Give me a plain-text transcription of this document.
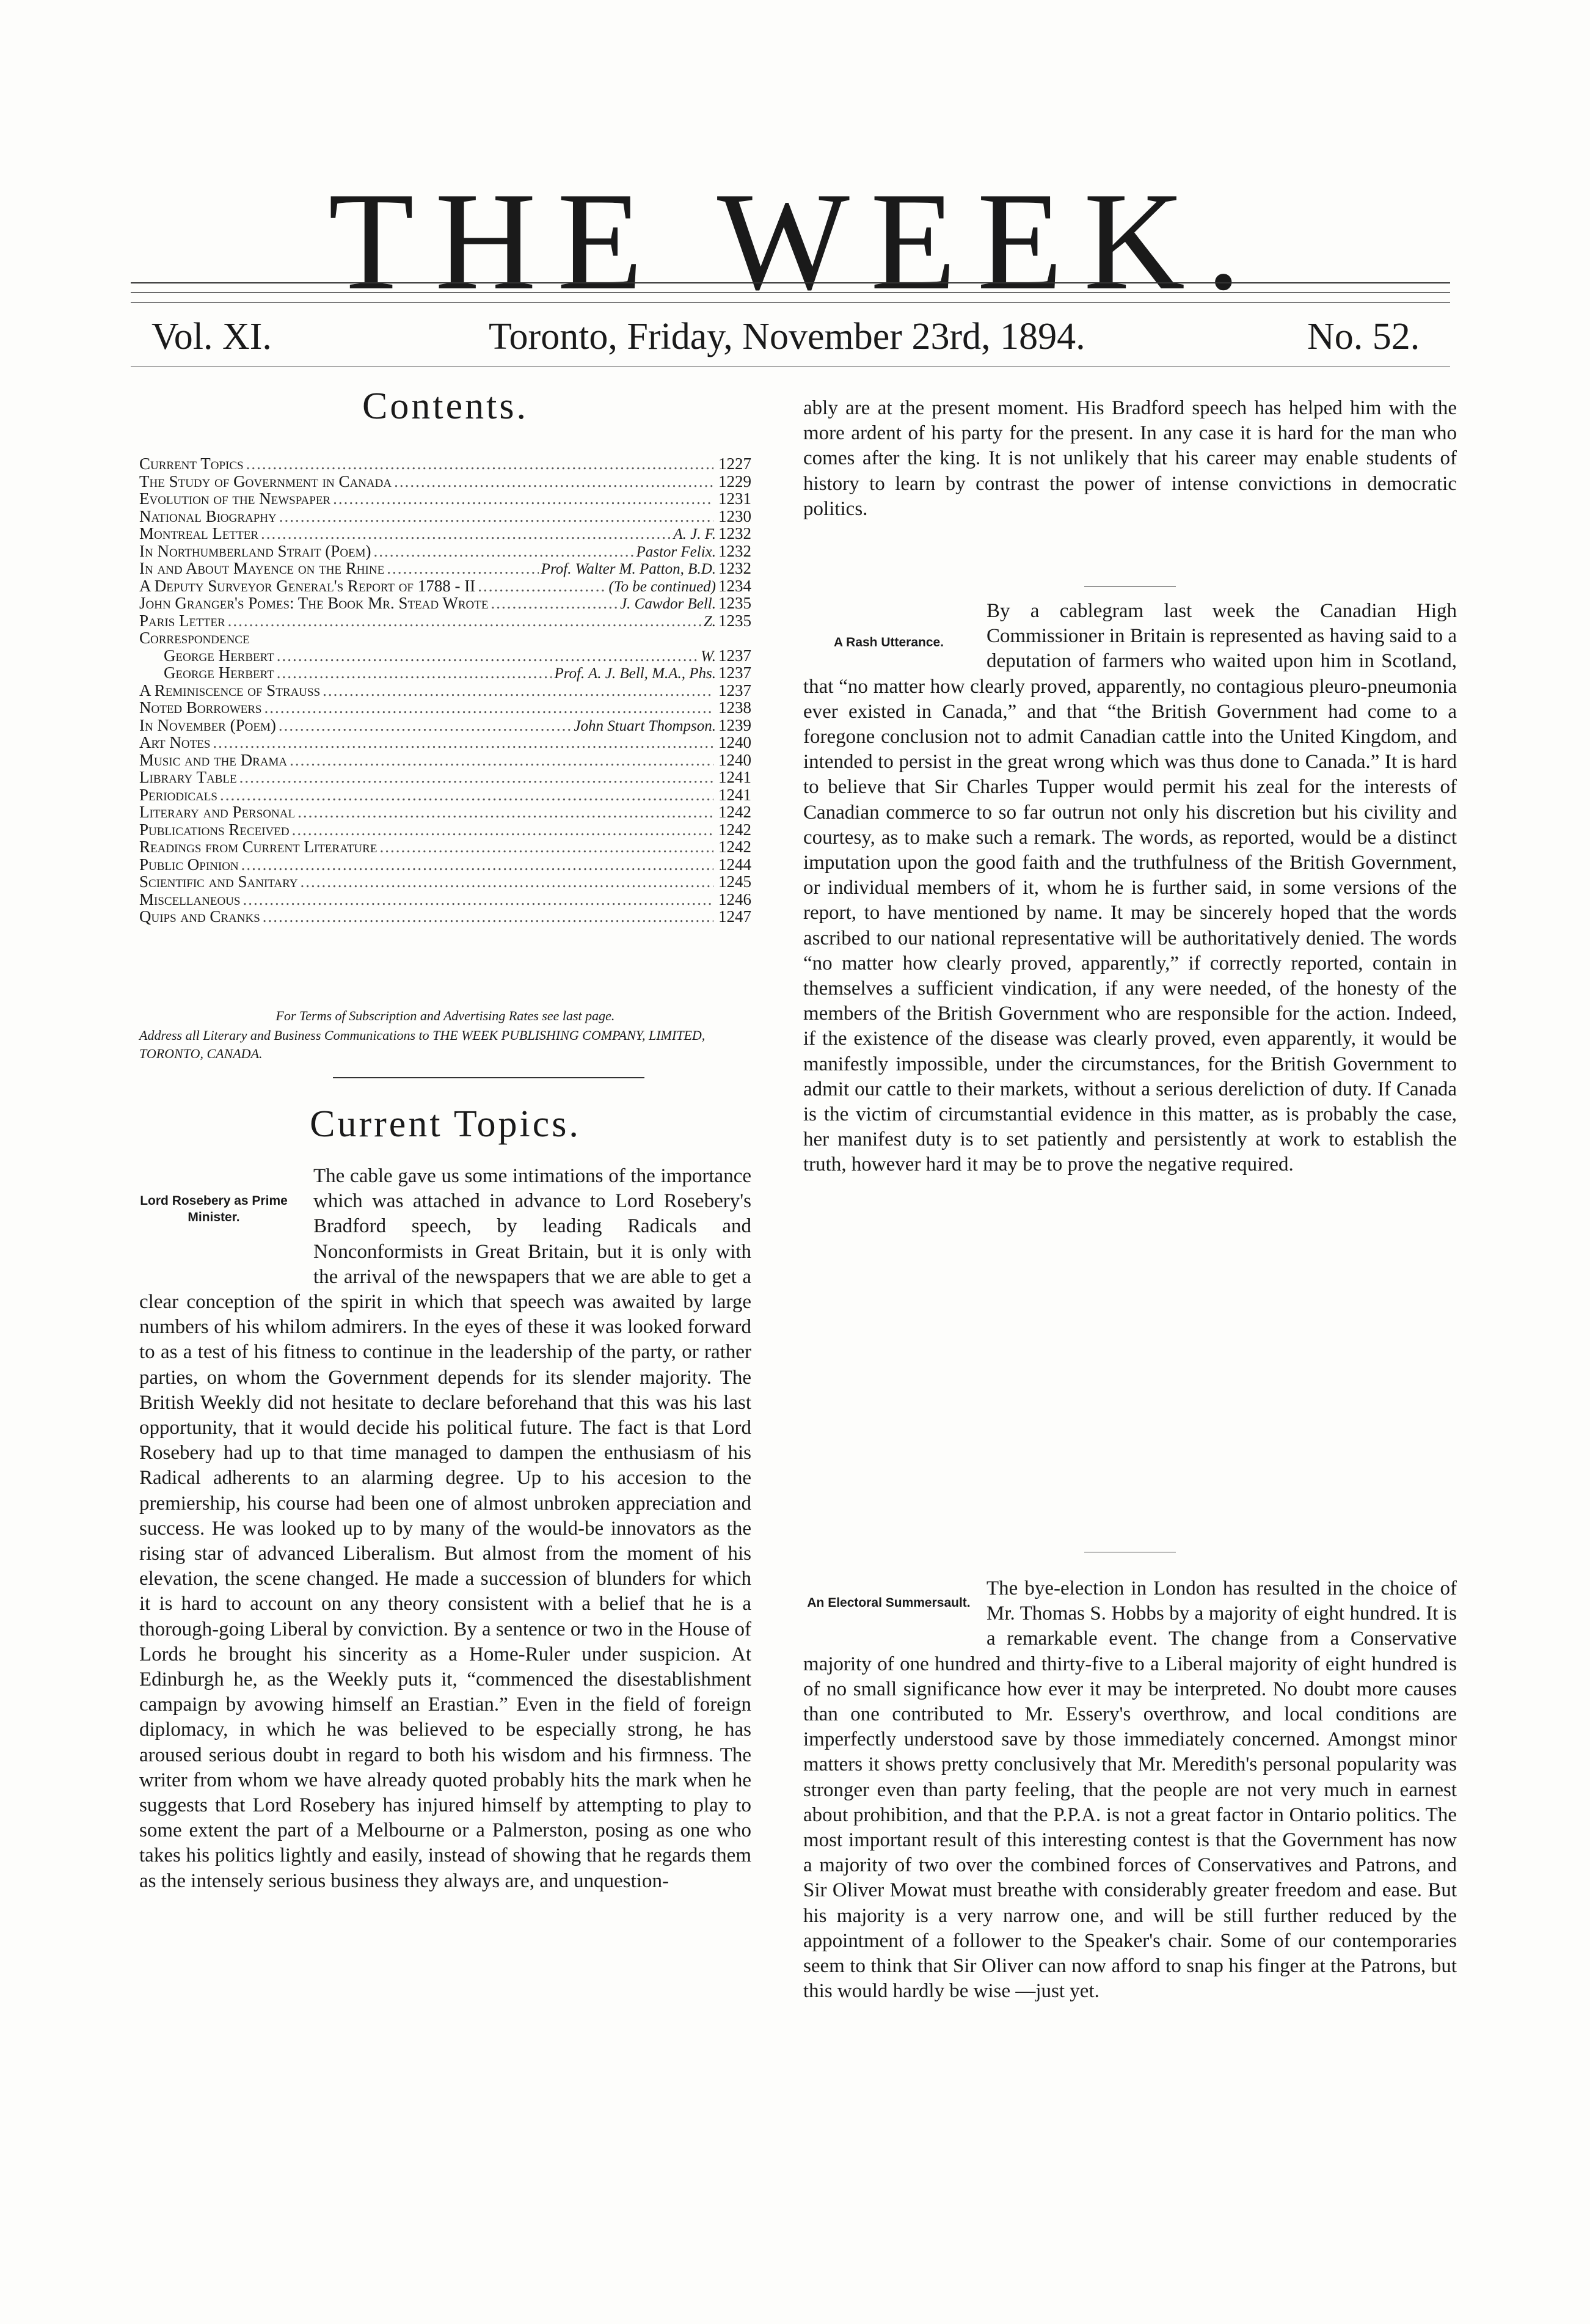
THE WEEK.
Vol. XI.	Toronto, Friday, November 23rd, 1894.	No. 52.
Contents.
Current Topics .....	1227
The Study of Government in Canada .....	1229
Evolution of the Newspaper .....	1231
National Biography .....	1230
Montreal Letter .....	A. J. F. 1232
In Northumberland Strait (Poem) .....	Pastor Felix. 1232
In and About Mayence on the Rhine .....	Prof. Walter M. Patton, B.D. 1232
A Deputy Surveyor General's Report of 1788 - II .....	(To be continued) 1234
John Granger's Pomes: The Book Mr. Stead Wrote .....	J. Cawdor Bell. 1235
Paris Letter .....	Z. 1235
Correspondence
George Herbert .....	W. 1237
George Herbert .....	Prof. A. J. Bell, M.A., Phs. 1237
A Reminiscence of Strauss .....	1237
Noted Borrowers .....	1238
In November (Poem) .....	John Stuart Thompson. 1239
Art Notes .....	1240
Music and the Drama .....	1240
Library Table .....	1241
Periodicals .....	1241
Literary and Personal .....	1242
Publications Received .....	1242
Readings from Current Literature .....	1242
Public Opinion .....	1244
Scientific and Sanitary .....	1245
Miscellaneous .....	1246
Quips and Cranks .....	1247
For Terms of Subscription and Advertising Rates see last page.
Address all Literary and Business Communications to THE WEEK PUBLISHING COMPANY, LIMITED, TORONTO, CANADA.
Current Topics.
Lord Rosebery as Prime Minister.

The cable gave us some intimations of the importance which was attached in advance to Lord Rosebery's Bradford speech, by leading Radicals and Nonconformists in Great Britain, but it is only with the arrival of the newspapers that we are able to get a clear conception of the spirit in which that speech was awaited by large numbers of his whilom admirers. In the eyes of these it was looked forward to as a test of his fitness to continue in the leadership of the party, or rather parties, on whom the Government depends for its slender majority. The British Weekly did not hesitate to declare beforehand that this was his last opportunity, that it would decide his political future. The fact is that Lord Rosebery had up to that time managed to dampen the enthusiasm of his Radical adherents to an alarming degree. Up to his accesion to the premiership, his course had been one of almost unbroken appreciation and success. He was looked up to by many of the would-be innovators as the rising star of advanced Liberalism. But almost from the moment of his elevation, the scene changed. He made a succession of blunders for which it is hard to account on any theory consistent with a belief that he is a thorough-going Liberal by conviction. By a sentence or two in the House of Lords he brought his sincerity as a Home-Ruler under suspicion. At Edinburgh he, as the Weekly puts it, “commenced the disestablishment campaign by avowing himself an Erastian.” Even in the field of foreign diplomacy, in which he was believed to be especially strong, he has aroused serious doubt in regard to both his wisdom and his firmness. The writer from whom we have already quoted probably hits the mark when he suggests that Lord Rosebery has injured himself by attempting to play to some extent the part of a Melbourne or a Palmerston, posing as one who takes his politics lightly and easily, instead of showing that he regards them as the intensely serious business they always are, and unquestion-

ably are at the present moment. His Bradford speech has helped him with the more ardent of his party for the present. In any case it is hard for the man who comes after the king. It is not unlikely that his career may enable students of history to learn by contrast the power of intense convictions in democratic politics.

A Rash Utterance.

By a cablegram last week the Canadian High Commissioner in Britain is represented as having said to a deputation of farmers who waited upon him in Scotland, that “no matter how clearly proved, apparently, no contagious pleuro-pneumonia ever existed in Canada,” and that “the British Government had come to a foregone conclusion not to admit Canadian cattle into the United Kingdom, and intended to persist in the great wrong which was thus done to Canada.” It is hard to believe that Sir Charles Tupper would permit his zeal for the interests of Canadian commerce to so far outrun not only his discretion but his civility and courtesy, as to make such a remark. The words, as reported, would be a distinct imputation upon the good faith and the truthfulness of the British Government, or individual members of it, whom he is further said, in some versions of the report, to have mentioned by name. It may be sincerely hoped that the words ascribed to our national representative will be authoritatively denied. The words “no matter how clearly proved, apparently,” if correctly reported, contain in themselves a sufficient vindication, if any were needed, of the honesty of the members of the British Government who are responsible for the action. Indeed, if the existence of the disease was clearly proved, even apparently, it would be manifestly impossible, under the circumstances, for the British Government to admit our cattle to their markets, without a serious dereliction of duty. If Canada is the victim of circumstantial evidence in this matter, as is probably the case, her manifest duty is to set patiently and persistently at work to establish the truth, however hard it may be to prove the negative required.

An Electoral Summersault.

The bye-election in London has resulted in the choice of Mr. Thomas S. Hobbs by a majority of eight hundred. It is a remarkable event. The change from a Conservative majority of one hundred and thirty-five to a Liberal majority of eight hundred is of no small significance how ever it may be interpreted. No doubt more causes than one contributed to Mr. Essery's overthrow, and local conditions are imperfectly understood save by those immediately concerned. Amongst minor matters it shows pretty conclusively that Mr. Meredith's personal popularity was stronger even than party feeling, that the people are not very much in earnest about prohibition, and that the P.P.A. is not a great factor in Ontario politics. The most important result of this interesting contest is that the Government has now a majority of two over the combined forces of Conservatives and Patrons, and Sir Oliver Mowat must breathe with considerably greater freedom and ease. But his majority is a very narrow one, and will be still further reduced by the appointment of a follower to the Speaker's chair. Some of our contemporaries seem to think that Sir Oliver can now afford to snap his finger at the Patrons, but this would hardly be wise —just yet.
